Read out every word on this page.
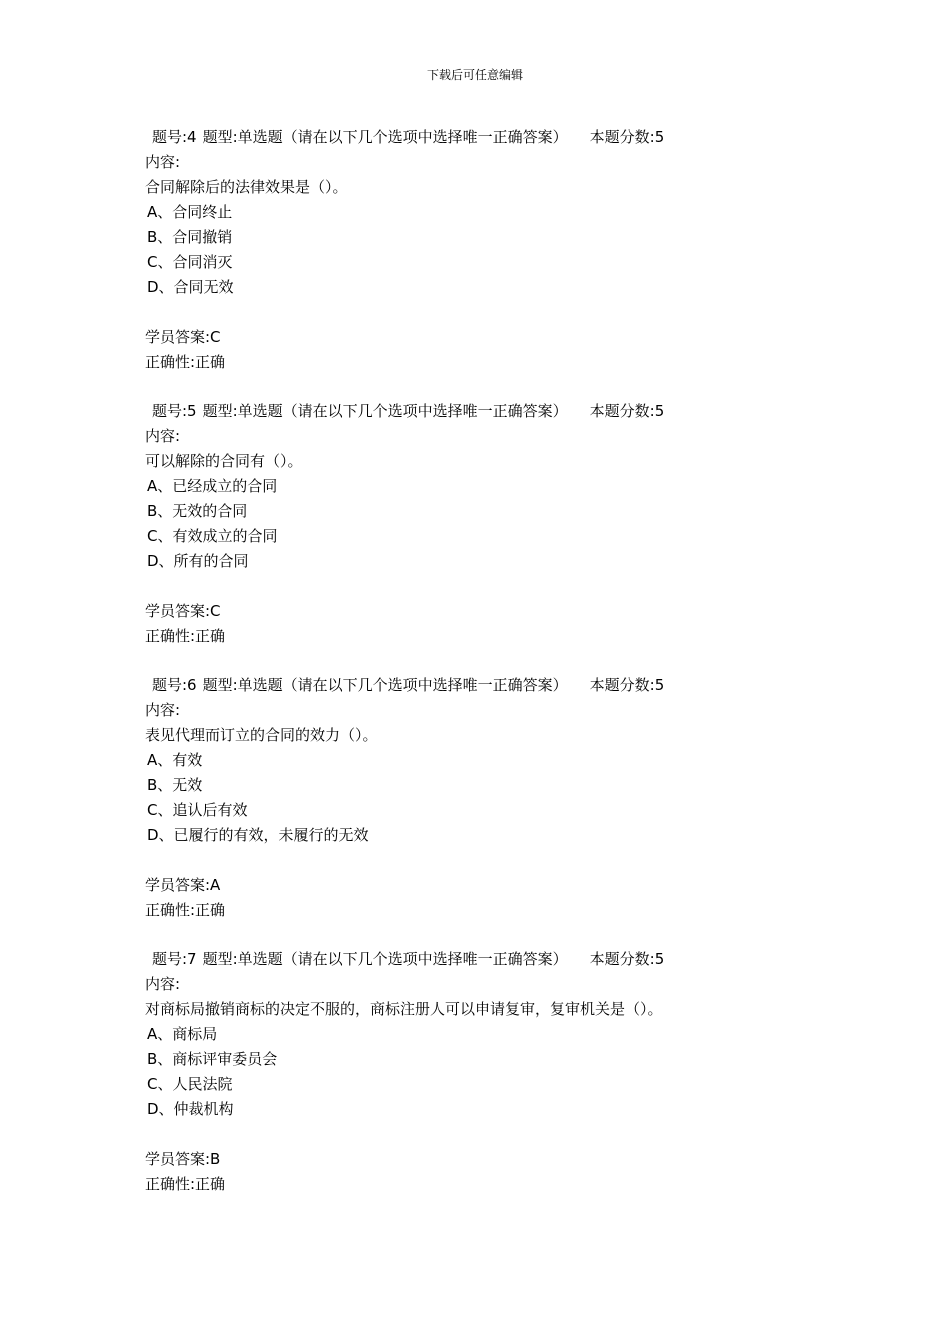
下载后可任意编辑
题号:4 题型:单选题（请在以下几个选项中选择唯一正确答案） 本题分数:5
内容:
合同解除后的法律效果是（）。
A、合同终止
B、合同撤销
C、合同消灭
D、合同无效
学员答案:C
正确性:正确
题号:5 题型:单选题（请在以下几个选项中选择唯一正确答案） 本题分数:5
内容:
可以解除的合同有（）。
A、已经成立的合同
B、无效的合同
C、有效成立的合同
D、所有的合同
学员答案:C
正确性:正确
题号:6 题型:单选题（请在以下几个选项中选择唯一正确答案） 本题分数:5
内容:
表见代理而订立的合同的效力（）。
A、有效
B、无效
C、追认后有效
D、已履行的有效，未履行的无效
学员答案:A
正确性:正确
题号:7 题型:单选题（请在以下几个选项中选择唯一正确答案） 本题分数:5
内容:
对商标局撤销商标的决定不服的，商标注册人可以申请复审，复审机关是（）。
A、商标局
B、商标评审委员会
C、人民法院
D、仲裁机构
学员答案:B
正确性:正确
